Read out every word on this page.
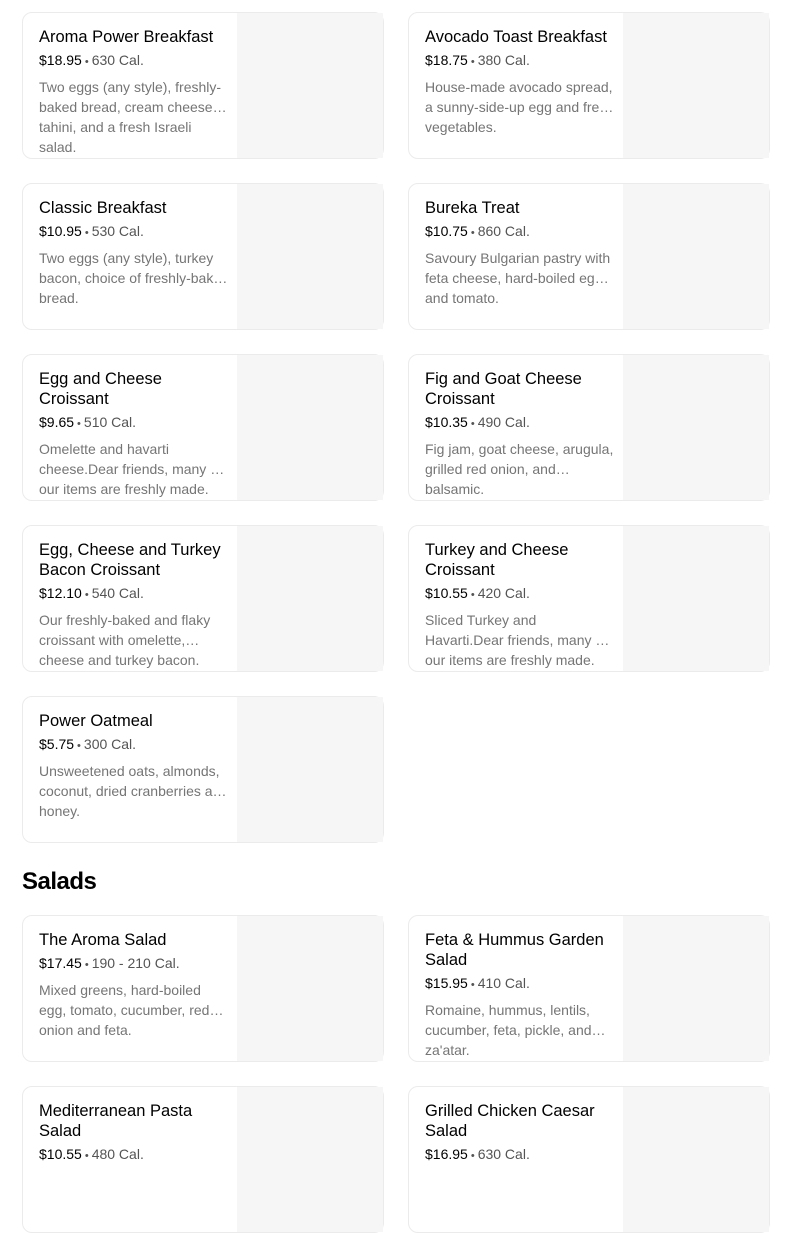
Aroma Power Breakfast
$18.95 • 630 Cal.
Two eggs (any style), freshly-baked bread, cream cheese, tahini, and a fresh Israeli salad.
Avocado Toast Breakfast
$18.75 • 380 Cal.
House-made avocado spread, a sunny-side-up egg and fresh vegetables.
Classic Breakfast
$10.95 • 530 Cal.
Two eggs (any style), turkey bacon, choice of freshly-baked bread.
Bureka Treat
$10.75 • 860 Cal.
Savoury Bulgarian pastry with feta cheese, hard-boiled egg and tomato.
Egg and Cheese Croissant
$9.65 • 510 Cal.
Omelette and havarti cheese.Dear friends, many of our items are freshly made.
Fig and Goat Cheese Croissant
$10.35 • 490 Cal.
Fig jam, goat cheese, arugula, grilled red onion, and balsamic.
Egg, Cheese and Turkey Bacon Croissant
$12.10 • 540 Cal.
Our freshly-baked and flaky croissant with omelette, cheese and turkey bacon.
Turkey and Cheese Croissant
$10.55 • 420 Cal.
Sliced Turkey and Havarti.Dear friends, many of our items are freshly made.
Power Oatmeal
$5.75 • 300 Cal.
Unsweetened oats, almonds, coconut, dried cranberries and honey.
Salads
The Aroma Salad
$17.45 • 190 - 210 Cal.
Mixed greens, hard-boiled egg, tomato, cucumber, red onion and feta.
Feta & Hummus Garden Salad
$15.95 • 410 Cal.
Romaine, hummus, lentils, cucumber, feta, pickle, and za'atar.
Mediterranean Pasta Salad
$10.55 • 480 Cal.
Grilled Chicken Caesar Salad
$16.95 • 630 Cal.
